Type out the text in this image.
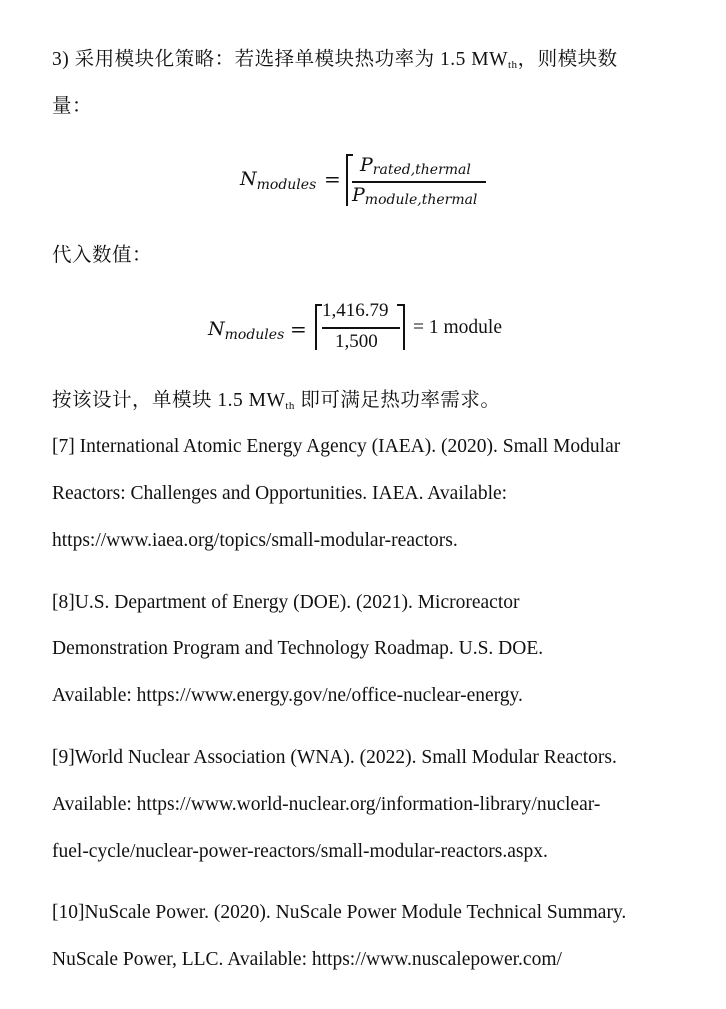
3) 采用模块化策略：若选择单模块热功率为 1.5 $MW_{th}$，则模块数
量：
$N_{modules}$ =
$P_{rated,thermal}$
$P_{module,thermal}$
代入数值：
$N_{modules}$ =
1,416.79
1,500
= 1 module
按该设计，单模块 1.5 $MW_{th}$ 即可满足热功率需求。
[7] International Atomic Energy Agency (IAEA). (2020). Small Modular
Reactors: Challenges and Opportunities. IAEA. Available:
https://www.iaea.org/topics/small-modular-reactors.
[8]U.S. Department of Energy (DOE). (2021). Microreactor
Demonstration Program and Technology Roadmap. U.S. DOE.
Available: https://www.energy.gov/ne/office-nuclear-energy.
[9]World Nuclear Association (WNA). (2022). Small Modular Reactors.
Available: https://www.world-nuclear.org/information-library/nuclear-
fuel-cycle/nuclear-power-reactors/small-modular-reactors.aspx.
[10]NuScale Power. (2020). NuScale Power Module Technical Summary.
NuScale Power, LLC. Available: https://www.nuscalepower.com/
